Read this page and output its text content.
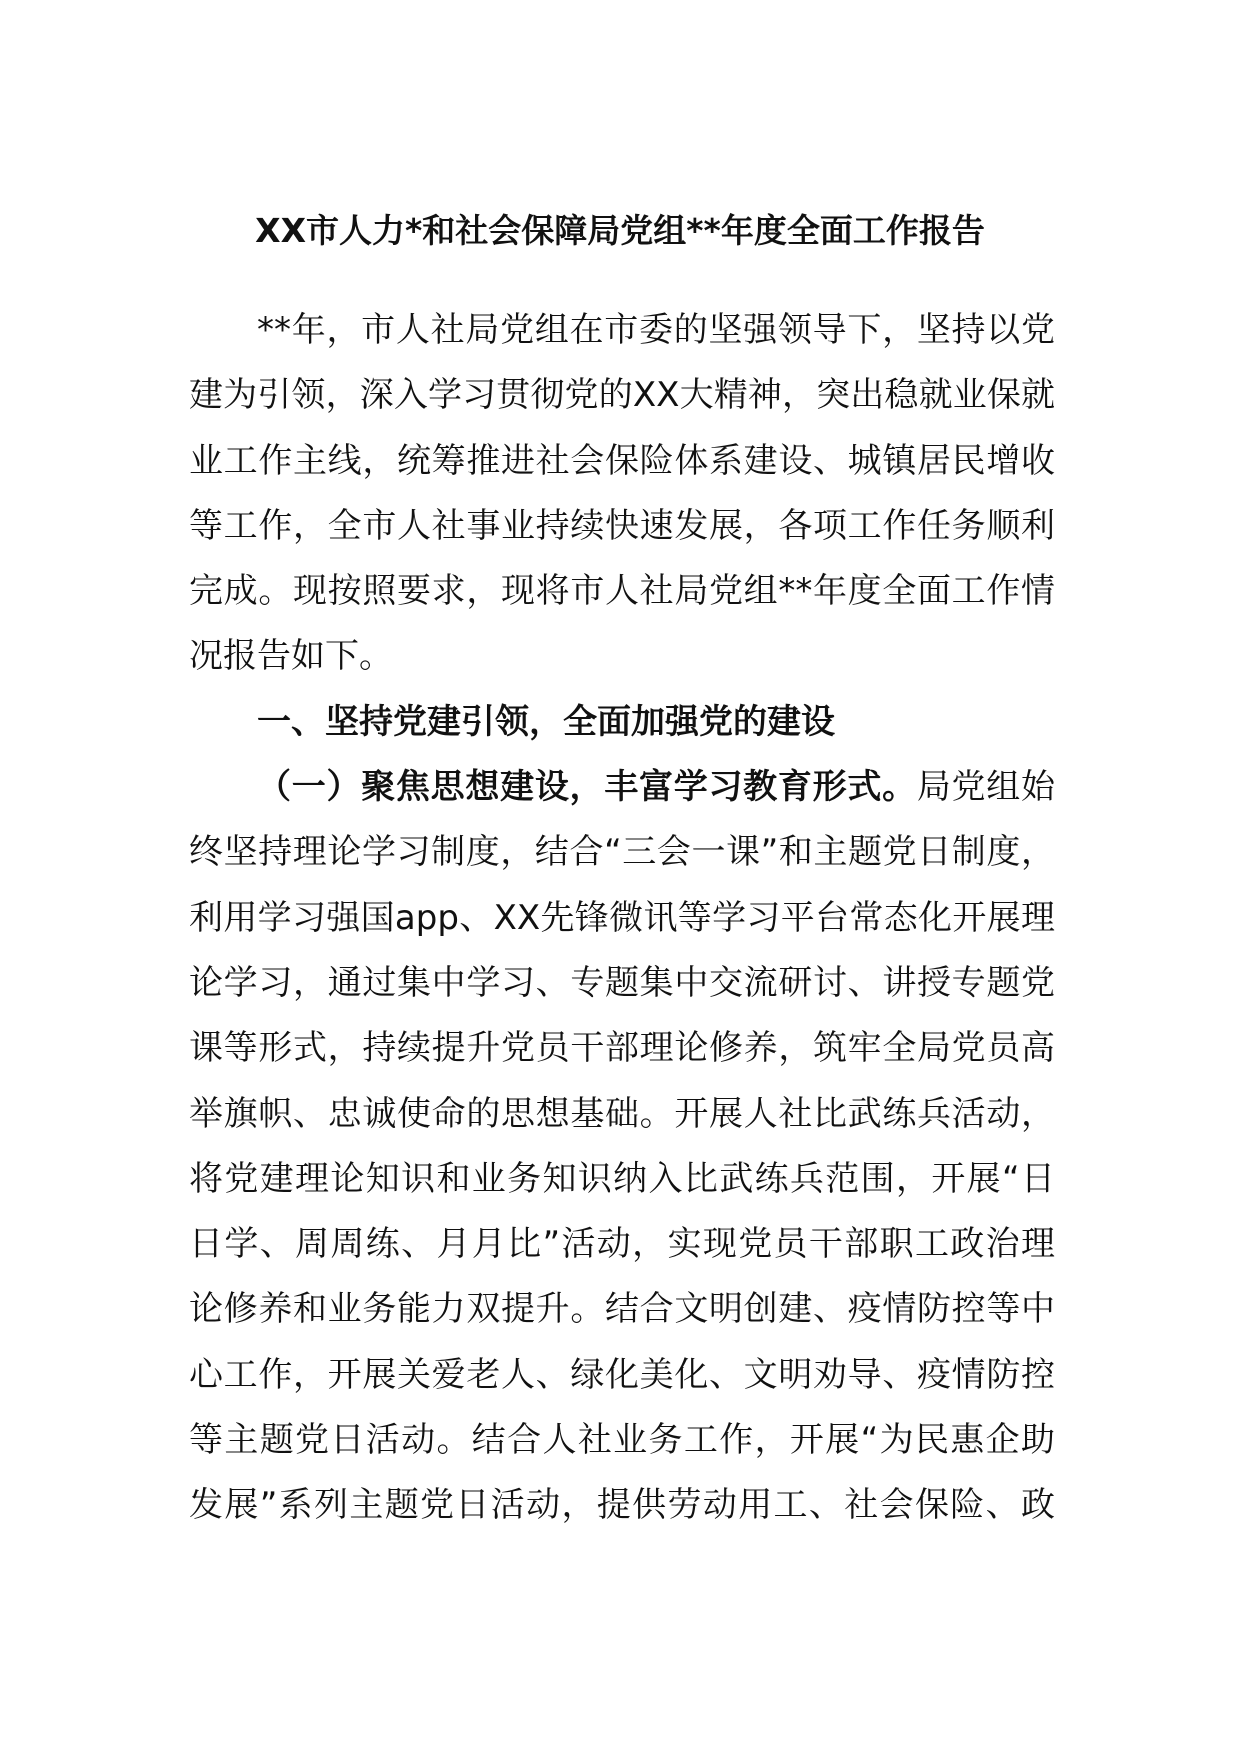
XX市人力*和社会保障局党组**年度全面工作报告
**年，市人社局党组在市委的坚强领导下，坚持以党
建为引领，深入学习贯彻党的XX大精神，突出稳就业保就
业工作主线，统筹推进社会保险体系建设、城镇居民增收
等工作，全市人社事业持续快速发展，各项工作任务顺利
完成。现按照要求，现将市人社局党组**年度全面工作情
况报告如下。
一、坚持党建引领，全面加强党的建设
（一）聚焦思想建设，丰富学习教育形式。局党组始
终坚持理论学习制度，结合“三会一课”和主题党日制度，
利用学习强国app、XX先锋微讯等学习平台常态化开展理
论学习，通过集中学习、专题集中交流研讨、讲授专题党
课等形式，持续提升党员干部理论修养，筑牢全局党员高
举旗帜、忠诚使命的思想基础。开展人社比武练兵活动，
将党建理论知识和业务知识纳入比武练兵范围，开展“日
日学、周周练、月月比”活动，实现党员干部职工政治理
论修养和业务能力双提升。结合文明创建、疫情防控等中
心工作，开展关爱老人、绿化美化、文明劝导、疫情防控
等主题党日活动。结合人社业务工作，开展“为民惠企助
发展”系列主题党日活动，提供劳动用工、社会保险、政
